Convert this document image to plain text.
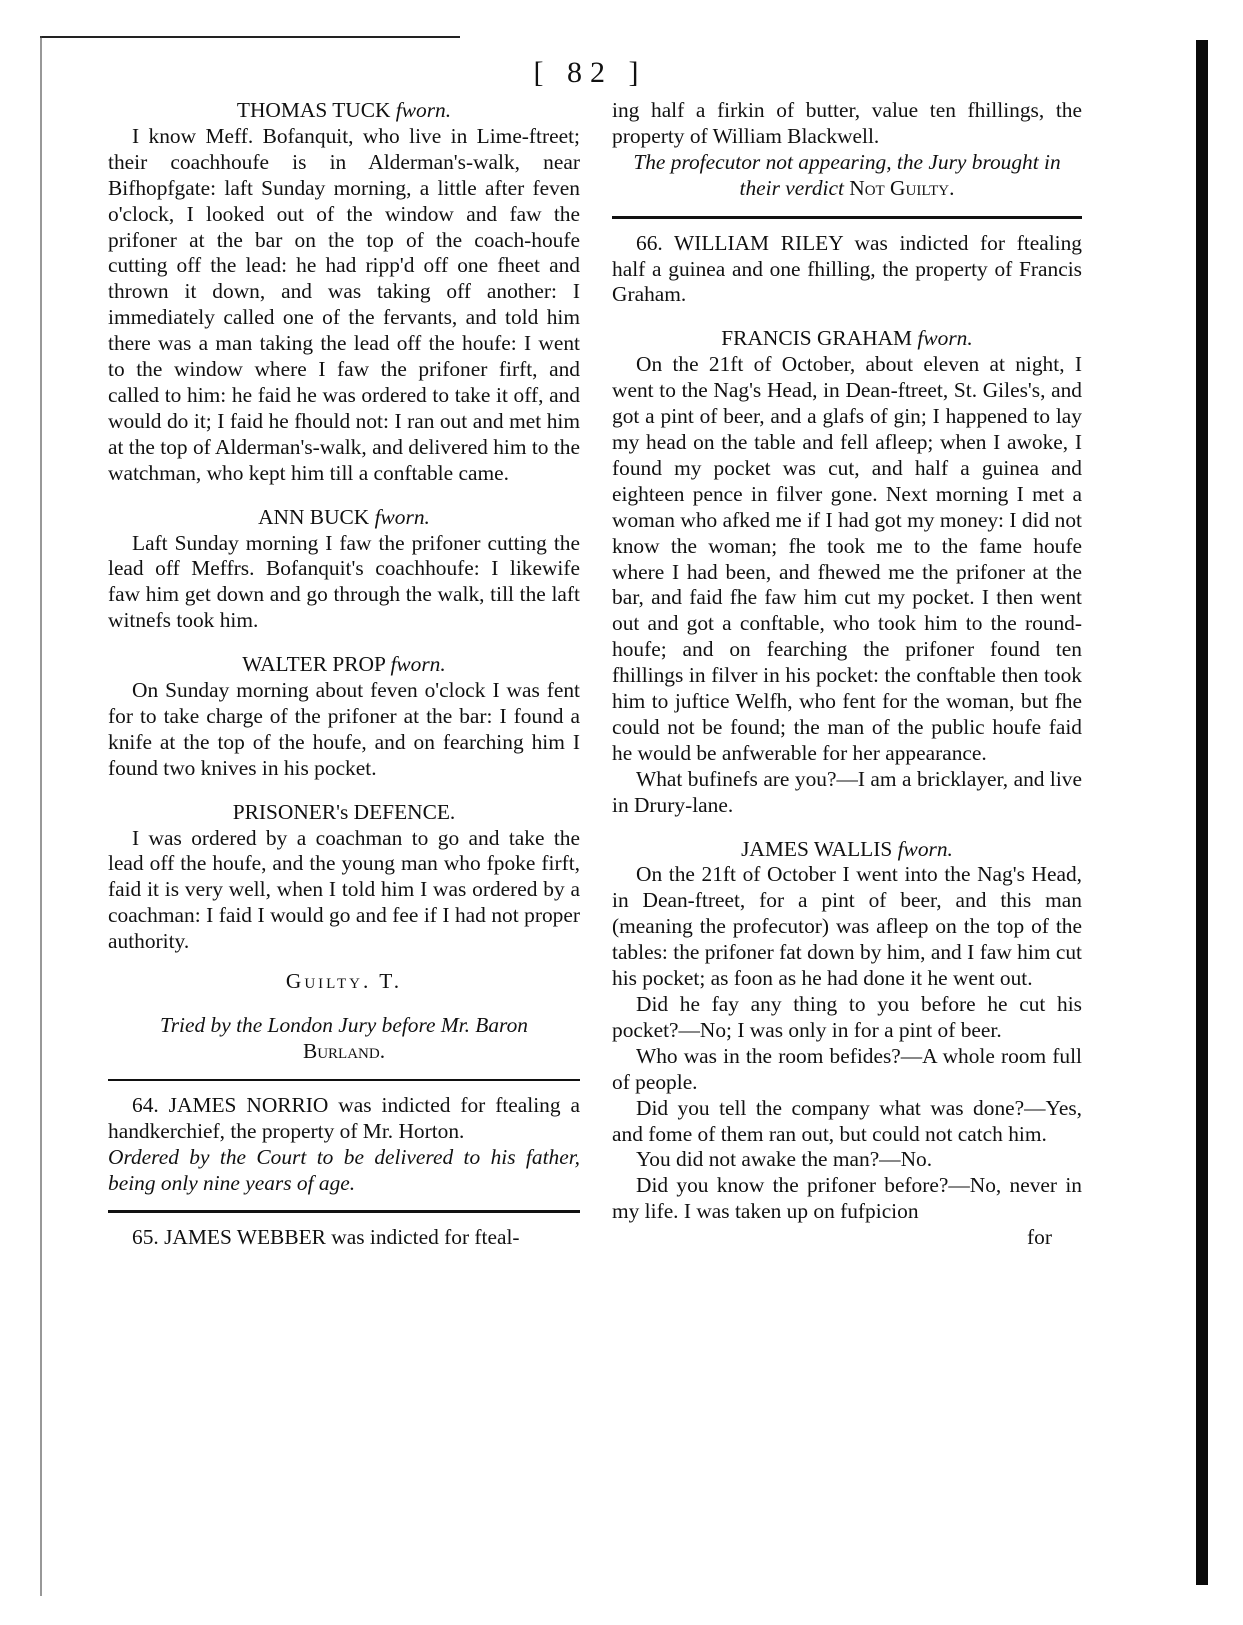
[ 82 ]
THOMAS TUCK fworn.

I know Meff. Bofanquit, who live in Lime-ftreet; their coachhoufe is in Alderman's-walk, near Bifhopfgate: laft Sunday morning, a little after feven o'clock, I looked out of the window and faw the prifoner at the bar on the top of the coach-houfe cutting off the lead: he had ripp'd off one fheet and thrown it down, and was taking off another: I immediately called one of the fervants, and told him there was a man taking the lead off the houfe: I went to the window where I faw the prifoner firft, and called to him: he faid he was ordered to take it off, and would do it; I faid he fhould not: I ran out and met him at the top of Alderman's-walk, and delivered him to the watchman, who kept him till a conftable came.

ANN BUCK fworn.

Laft Sunday morning I faw the prifoner cutting the lead off Meffrs. Bofanquit's coachhoufe: I likewife faw him get down and go through the walk, till the laft witnefs took him.

WALTER PROP fworn.

On Sunday morning about feven o'clock I was fent for to take charge of the prifoner at the bar: I found a knife at the top of the houfe, and on fearching him I found two knives in his pocket.

PRISONER's DEFENCE.

I was ordered by a coachman to go and take the lead off the houfe, and the young man who fpoke firft, faid it is very well, when I told him I was ordered by a coachman: I faid I would go and fee if I had not proper authority.

Guilty. T.
Tried by the London Jury before Mr. Baron
Burland.

64. JAMES NORRIO was indicted for ftealing a handkerchief, the property of Mr. Horton.

Ordered by the Court to be delivered to his father, being only nine years of age.

65. JAMES WEBBER was indicted for fteal-

ing half a firkin of butter, value ten fhillings, the property of William Blackwell.

The profecutor not appearing, the Jury brought in their verdict Not Guilty.

66. WILLIAM RILEY was indicted for ftealing half a guinea and one fhilling, the property of Francis Graham.

FRANCIS GRAHAM fworn.

On the 21ft of October, about eleven at night, I went to the Nag's Head, in Dean-ftreet, St. Giles's, and got a pint of beer, and a glafs of gin; I happened to lay my head on the table and fell afleep; when I awoke, I found my pocket was cut, and half a guinea and eighteen pence in filver gone. Next morning I met a woman who afked me if I had got my money: I did not know the woman; fhe took me to the fame houfe where I had been, and fhewed me the prifoner at the bar, and faid fhe faw him cut my pocket. I then went out and got a conftable, who took him to the round-houfe; and on fearching the prifoner found ten fhillings in filver in his pocket: the conftable then took him to juftice Welfh, who fent for the woman, but fhe could not be found; the man of the public houfe faid he would be anfwerable for her appearance.

What bufinefs are you?—I am a bricklayer, and live in Drury-lane.

JAMES WALLIS fworn.

On the 21ft of October I went into the Nag's Head, in Dean-ftreet, for a pint of beer, and this man (meaning the profecutor) was afleep on the top of the tables: the prifoner fat down by him, and I faw him cut his pocket; as foon as he had done it he went out.

Did he fay any thing to you before he cut his pocket?—No; I was only in for a pint of beer.

Who was in the room befides?—A whole room full of people.

Did you tell the company what was done?—Yes, and fome of them ran out, but could not catch him.

You did not awake the man?—No.

Did you know the prifoner before?—No, never in my life. I was taken up on fufpicion

for
